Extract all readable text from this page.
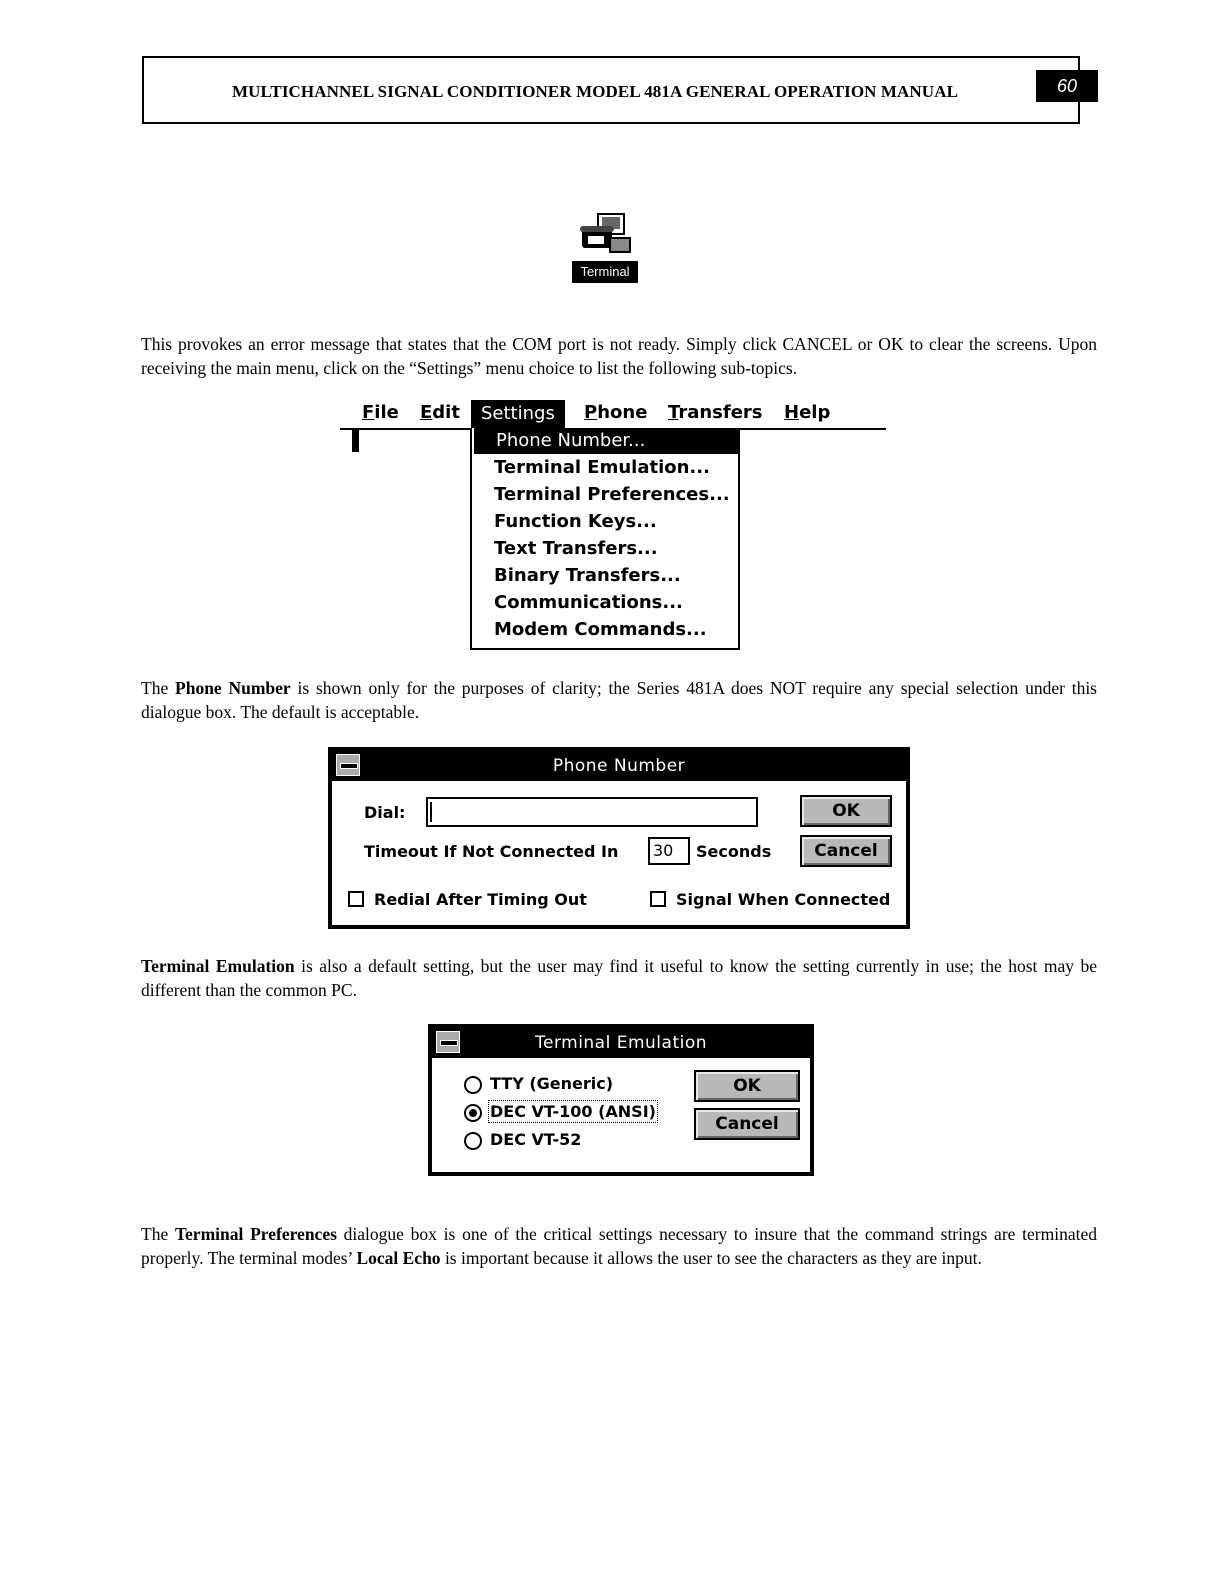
MULTICHANNEL SIGNAL CONDITIONER MODEL 481A GENERAL OPERATION MANUAL	60
Terminal
This provokes an error message that states that the COM port is not ready. Simply click CANCEL or OK to clear the screens. Upon receiving the main menu, click on the “Settings” menu choice to list the following sub-topics.
File Edit	Settings	Phone Transfers Help
Phone Number...
Terminal Emulation...
Terminal Preferences...
Function Keys...
Text Transfers...
Binary Transfers...
Communications...
Modem Commands...
The Phone Number is shown only for the purposes of clarity; the Series 481A does NOT require any special selection under this dialogue box. The default is acceptable.
Phone Number
Dial:	OK
Timeout If Not Connected In	30	Seconds	Cancel
Redial After Timing Out	Signal When Connected
Terminal Emulation is also a default setting, but the user may find it useful to know the setting currently in use; the host may be different than the common PC.
Terminal Emulation
TTY (Generic)
DEC VT-100 (ANSI)
DEC VT-52
OK
Cancel
The Terminal Preferences dialogue box is one of the critical settings necessary to insure that the command strings are terminated properly. The terminal modes’ Local Echo is important because it allows the user to see the characters as they are input.
